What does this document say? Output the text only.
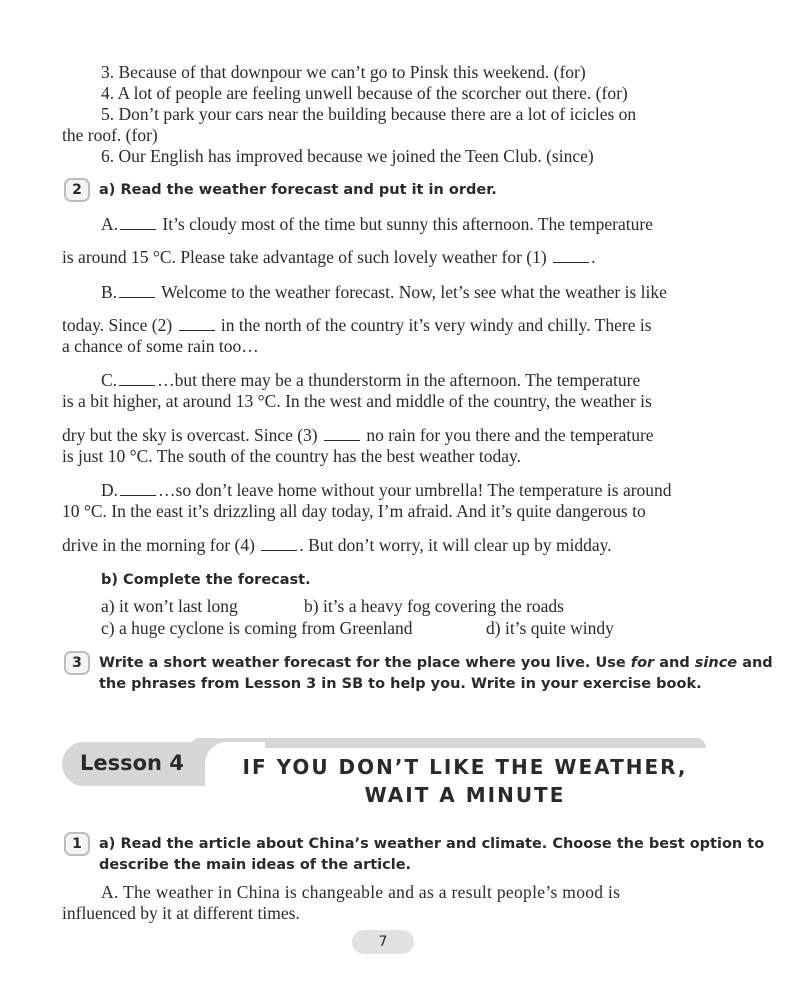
3. Because of that downpour we can’t go to Pinsk this weekend. (for)
4. A lot of people are feeling unwell because of the scorcher out there. (for)
5. Don’t park your cars near the building because there are a lot of icicles on
the roof. (for)
6. Our English has improved because we joined the Teen Club. (since)
2	a) Read the weather forecast and put it in order.
A.	It’s cloudy most of the time but sunny this afternoon. The temperature
is around 15 °C. Please take advantage of such lovely weather for (1)	.
B.	Welcome to the weather forecast. Now, let’s see what the weather is like
today. Since (2)	in the north of the country it’s very windy and chilly. There is
a chance of some rain too…
C. …but there may be a thunderstorm in the afternoon. The temperature
is a bit higher, at around 13 °C. In the west and middle of the country, the weather is
dry but the sky is overcast. Since (3)	no rain for you there and the temperature
is just 10 °C. The south of the country has the best weather today.
D. …so don’t leave home without your umbrella! The temperature is around
10 °C. In the east it’s drizzling all day today, I’m afraid. And it’s quite dangerous to
drive in the morning for (4)	. But don’t worry, it will clear up by midday.
b) Complete the forecast.
a) it won’t last long	b) it’s a heavy fog covering the roads
c) a huge cyclone is coming from Greenland	d) it’s quite windy
3	Write a short weather forecast for the place where you live. Use for and since and
the phrases from Lesson 3 in SB to help you. Write in your exercise book.
Lesson 4	IF YOU DON’T LIKE THE WEATHER,
WAIT A MINUTE
1	a) Read the article about China’s weather and climate. Choose the best option to
describe the main ideas of the article.
A. The weather in China is changeable and as a result people’s mood is
influenced by it at different times.
7
